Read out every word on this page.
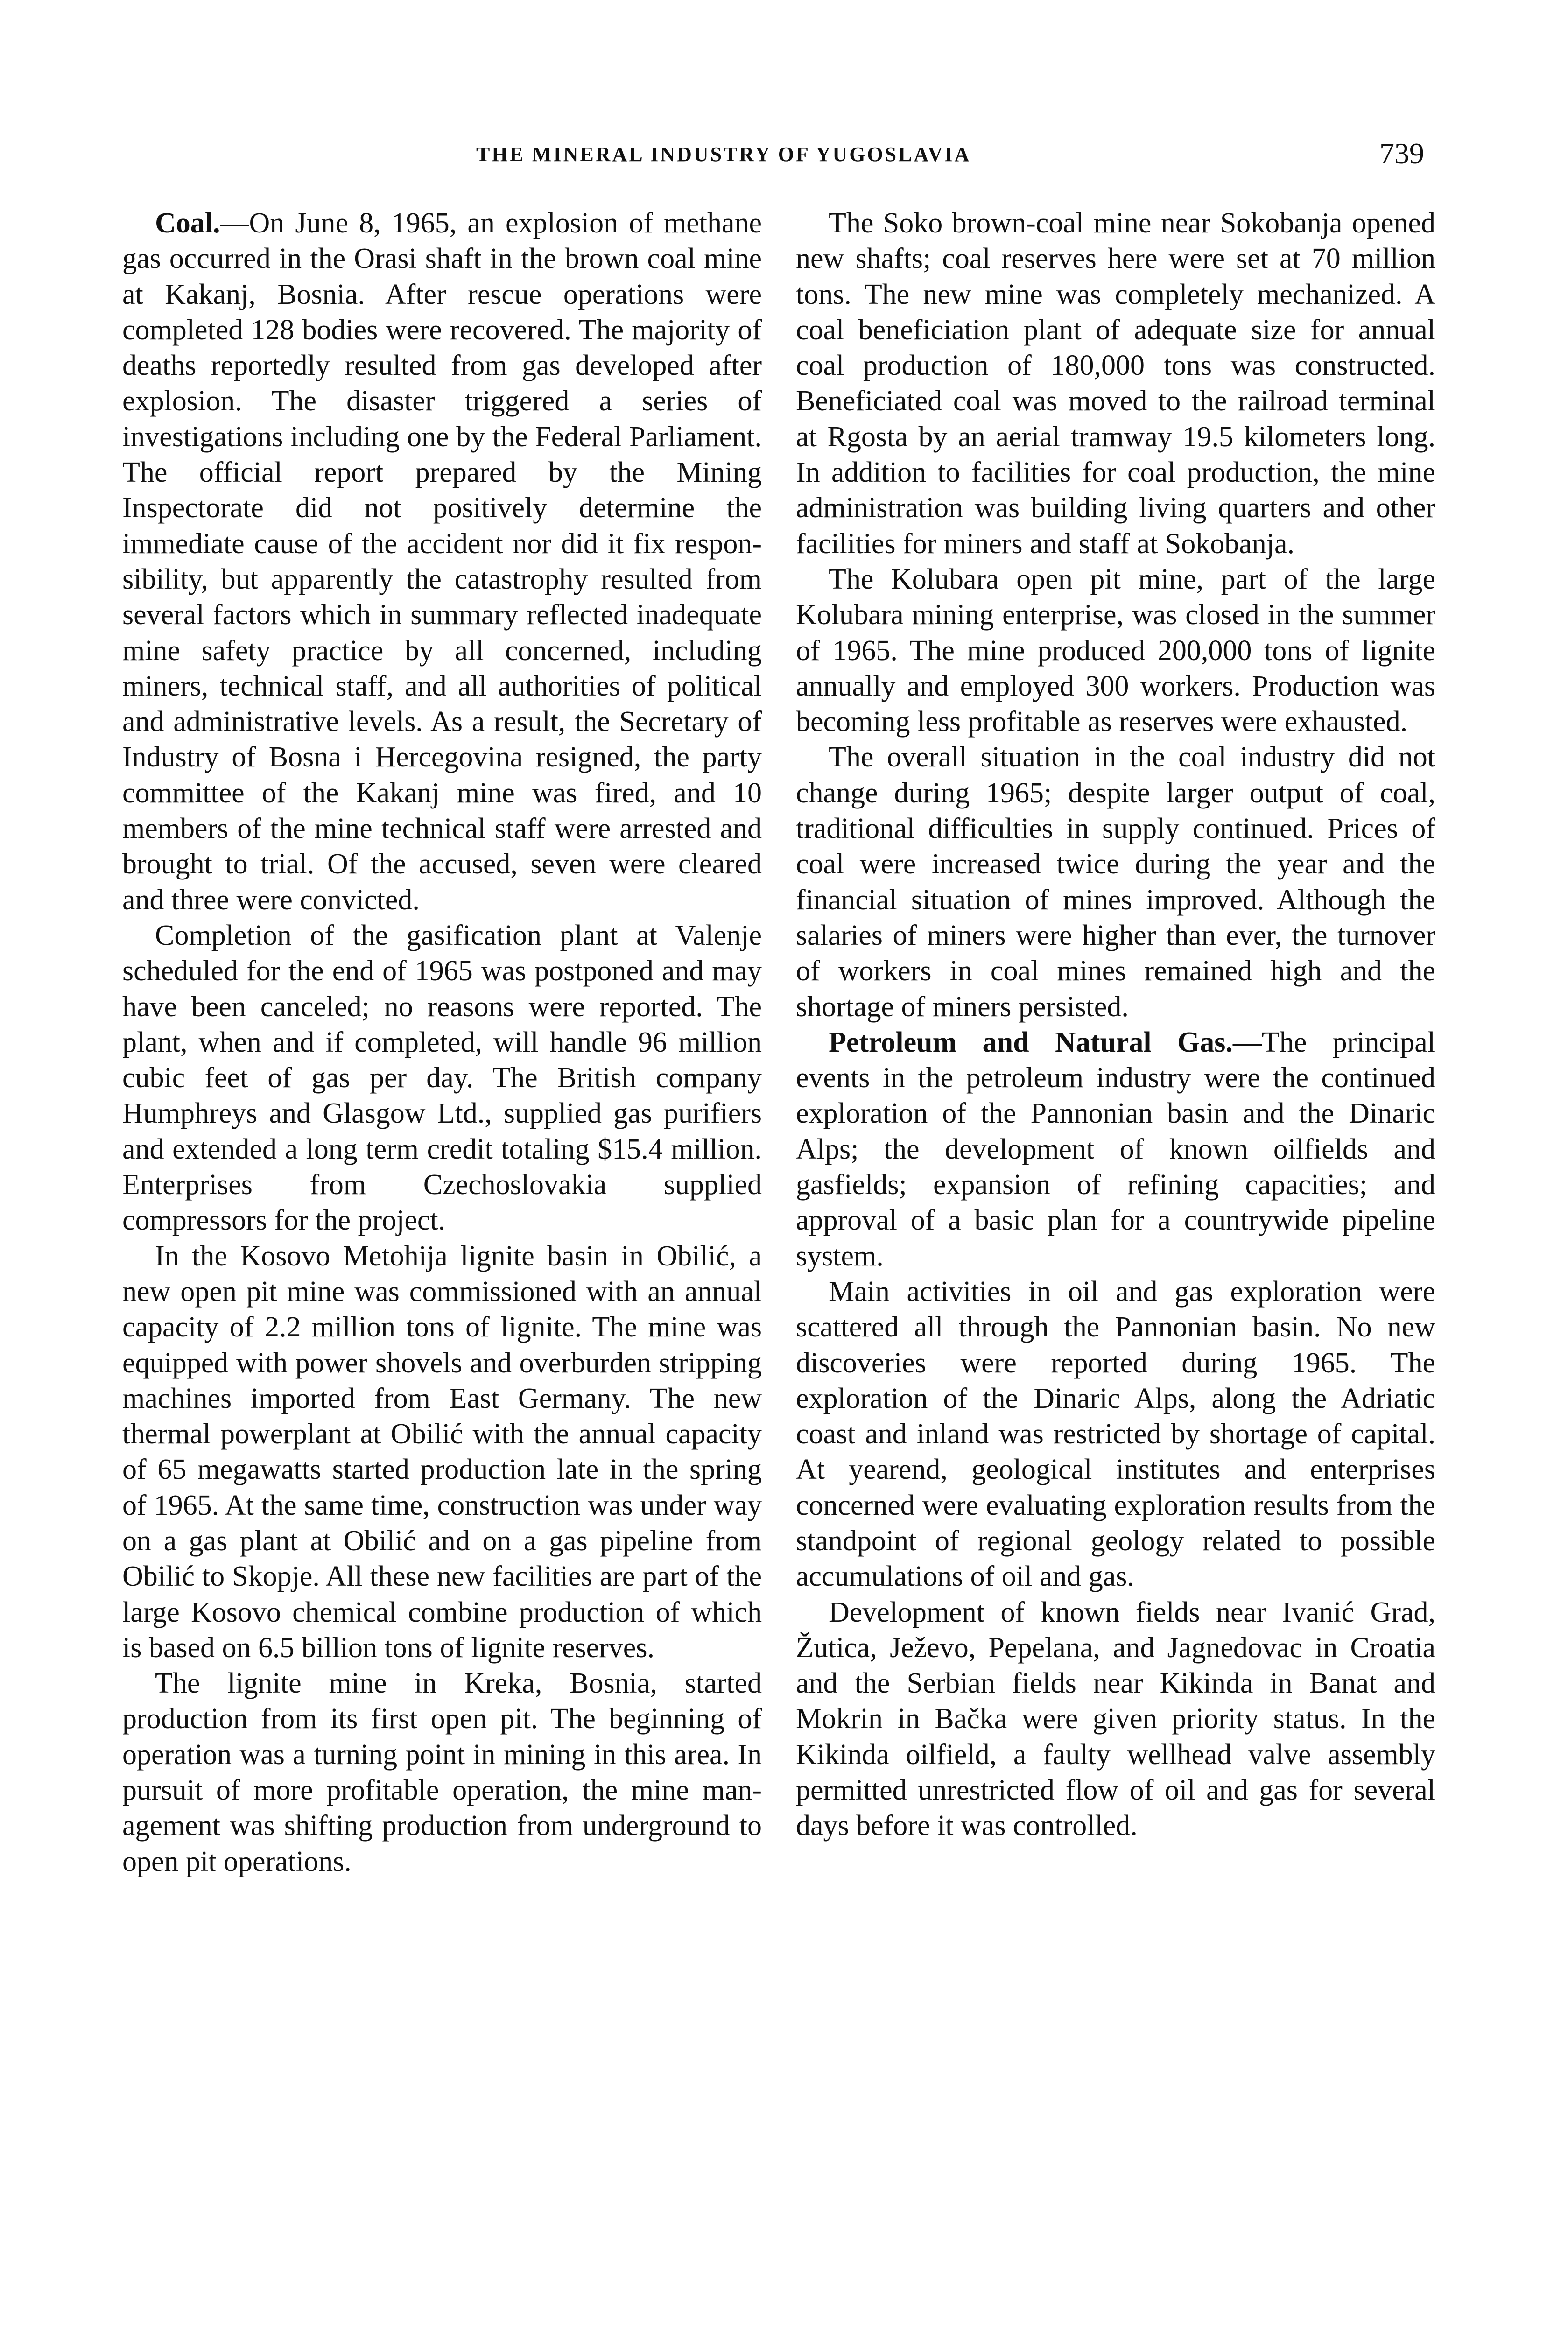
THE MINERAL INDUSTRY OF YUGOSLAVIA	739

Coal.—On June 8, 1965, an explosion of methane gas occurred in the Orasi shaft in the brown coal mine at Kakanj, Bosnia. After rescue operations were completed 128 bodies were recovered. The majority of deaths reportedly resulted from gas developed after explosion. The disaster triggered a series of investigations including one by the Federal Parliament. The official report prepared by the Mining Inspectorate did not positively determine the immediate cause of the accident nor did it fix responsibility, but apparently the catastrophy resulted from several factors which in summary reflected inadequate mine safety practice by all concerned, including miners, technical staff, and all authorities of political and administrative levels. As a result, the Secretary of Industry of Bosna i Hercegovina resigned, the party committee of the Kakanj mine was fired, and 10 members of the mine technical staff were arrested and brought to trial. Of the accused, seven were cleared and three were convicted.

Completion of the gasification plant at Valenje scheduled for the end of 1965 was postponed and may have been canceled; no reasons were reported. The plant, when and if completed, will handle 96 million cubic feet of gas per day. The British company Humphreys and Glasgow Ltd., supplied gas purifiers and extended a long term credit totaling $15.4 million. Enterprises from Czechoslovakia supplied compressors for the project.

In the Kosovo Metohija lignite basin in Obilić, a new open pit mine was commissioned with an annual capacity of 2.2 million tons of lignite. The mine was equipped with power shovels and overburden stripping machines imported from East Germany. The new thermal powerplant at Obilić with the annual capacity of 65 megawatts started production late in the spring of 1965. At the same time, construction was under way on a gas plant at Obilić and on a gas pipeline from Obilić to Skopje. All these new facilities are part of the large Kosovo chemical combine production of which is based on 6.5 billion tons of lignite reserves.

The lignite mine in Kreka, Bosnia, started production from its first open pit. The beginning of operation was a turning point in mining in this area. In pursuit of more profitable operation, the mine management was shifting production from underground to open pit operations.

The Soko brown-coal mine near Sokobanja opened new shafts; coal reserves here were set at 70 million tons. The new mine was completely mechanized. A coal beneficiation plant of adequate size for annual coal production of 180,000 tons was constructed. Beneficiated coal was moved to the railroad terminal at Rgosta by an aerial tramway 19.5 kilometers long. In addition to facilities for coal production, the mine administration was building living quarters and other facilities for miners and staff at Sokobanja.

The Kolubara open pit mine, part of the large Kolubara mining enterprise, was closed in the summer of 1965. The mine produced 200,000 tons of lignite annually and employed 300 workers. Production was becoming less profitable as reserves were exhausted.

The overall situation in the coal industry did not change during 1965; despite larger output of coal, traditional difficulties in supply continued. Prices of coal were increased twice during the year and the financial situation of mines improved. Although the salaries of miners were higher than ever, the turnover of workers in coal mines remained high and the shortage of miners persisted.

Petroleum and Natural Gas.—The principal events in the petroleum industry were the continued exploration of the Pannonian basin and the Dinaric Alps; the development of known oilfields and gasfields; expansion of refining capacities; and approval of a basic plan for a countrywide pipeline system.

Main activities in oil and gas exploration were scattered all through the Pannonian basin. No new discoveries were reported during 1965. The exploration of the Dinaric Alps, along the Adriatic coast and inland was restricted by shortage of capital. At yearend, geological institutes and enterprises concerned were evaluating exploration results from the standpoint of regional geology related to possible accumulations of oil and gas.

Development of known fields near Ivanić Grad, Žutica, Ježevo, Pepelana, and Jagnedovac in Croatia and the Serbian fields near Kikinda in Banat and Mokrin in Bačka were given priority status. In the Kikinda oilfield, a faulty wellhead valve assembly permitted unrestricted flow of oil and gas for several days before it was controlled.
